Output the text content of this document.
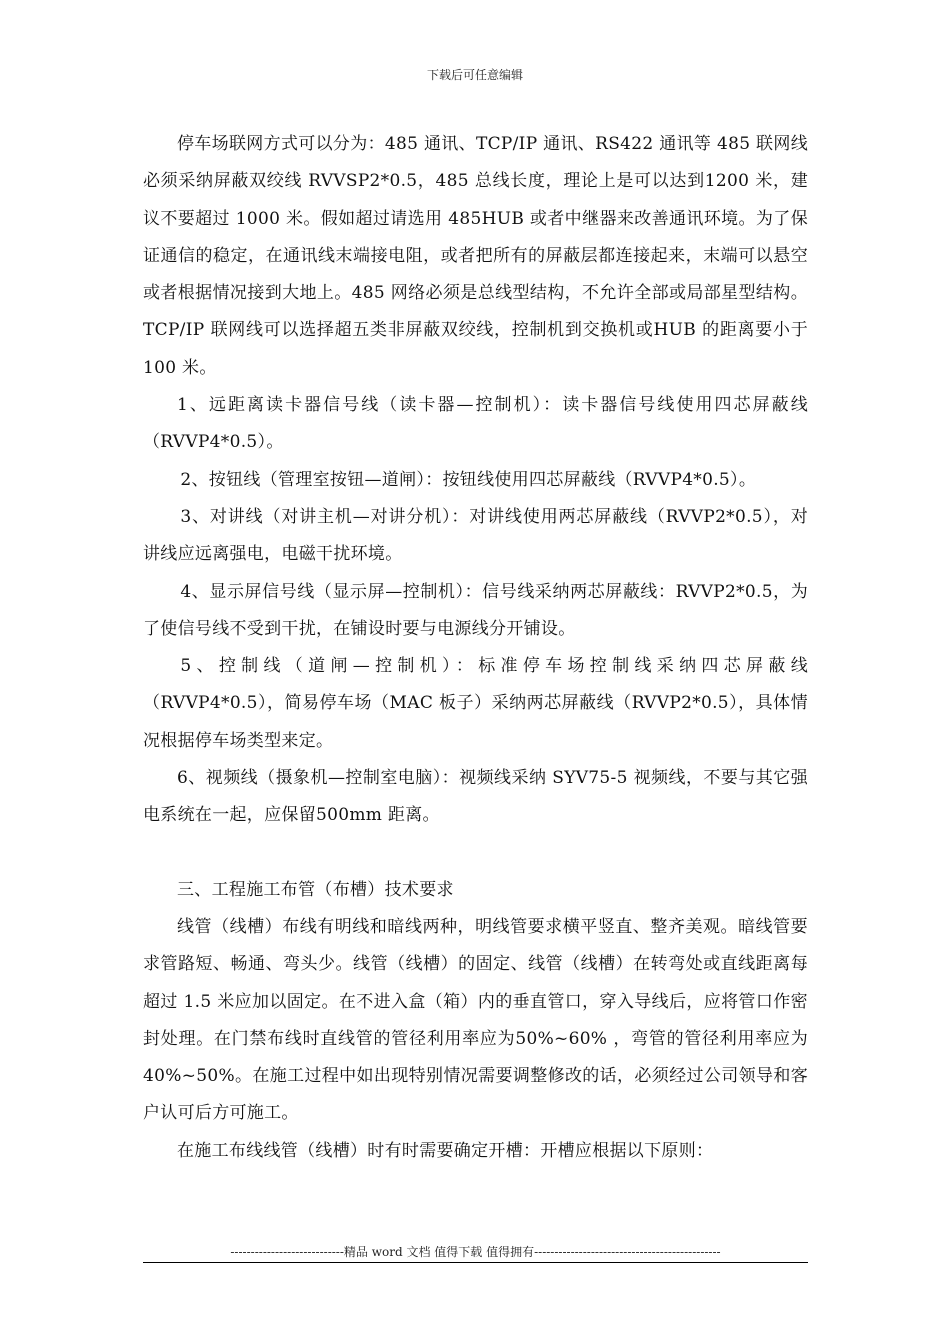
下载后可任意编辑

停车场联网方式可以分为：485 通讯、TCP/IP 通讯、RS422 通讯等 485 联网线必须采纳屏蔽双绞线 RVVSP2*0.5，485 总线长度，理论上是可以达到1200 米，建议不要超过 1000 米。假如超过请选用 485HUB 或者中继器来改善通讯环境。为了保证通信的稳定，在通讯线末端接电阻，或者把所有的屏蔽层都连接起来，末端可以悬空或者根据情况接到大地上。485 网络必须是总线型结构，不允许全部或局部星型结构。TCP/IP 联网线可以选择超五类非屏蔽双绞线，控制机到交换机或HUB 的距离要小于 100 米。

1、远距离读卡器信号线（读卡器—控制机）：读卡器信号线使用四芯屏蔽线（RVVP4*0.5）。

2、按钮线（管理室按钮—道闸）：按钮线使用四芯屏蔽线（RVVP4*0.5）。

3、对讲线（对讲主机—对讲分机）：对讲线使用两芯屏蔽线（RVVP2*0.5），对讲线应远离强电，电磁干扰环境。

4、显示屏信号线（显示屏—控制机）：信号线采纳两芯屏蔽线：RVVP2*0.5，为了使信号线不受到干扰，在铺设时要与电源线分开铺设。

5、控制线（道闸—控制机）：标准停车场控制线采纳四芯屏蔽线（RVVP4*0.5），简易停车场（MAC 板子）采纳两芯屏蔽线（RVVP2*0.5），具体情况根据停车场类型来定。

6、视频线（摄象机—控制室电脑）：视频线采纳 SYV75-5 视频线，不要与其它强电系统在一起，应保留500mm 距离。

三、工程施工布管（布槽）技术要求

线管（线槽）布线有明线和暗线两种，明线管要求横平竖直、整齐美观。暗线管要求管路短、畅通、弯头少。线管（线槽）的固定、线管（线槽）在转弯处或直线距离每超过 1.5 米应加以固定。在不进入盒（箱）内的垂直管口，穿入导线后，应将管口作密封处理。在门禁布线时直线管的管径利用率应为50%~60% ，弯管的管径利用率应为 40%~50%。在施工过程中如出现特别情况需要调整修改的话，必须经过公司领导和客户认可后方可施工。

在施工布线线管（线槽）时有时需要确定开槽：开槽应根据以下原则：

----------------------------精品 word 文档 值得下载 值得拥有----------------------------------------------
